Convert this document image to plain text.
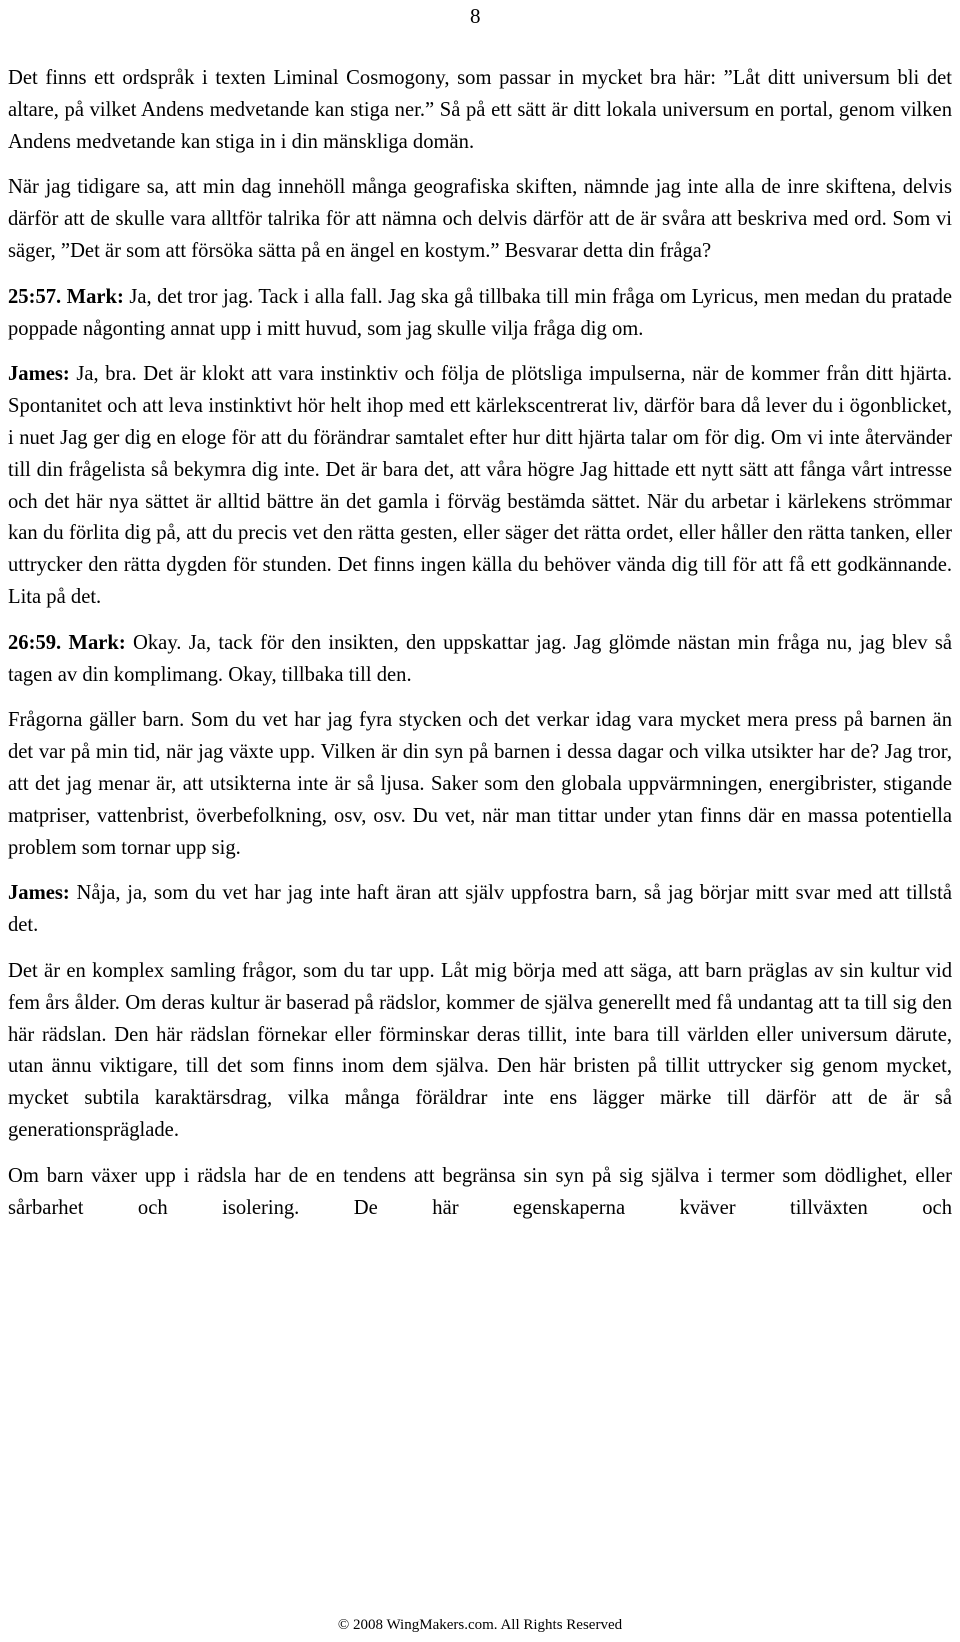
8

Det finns ett ordspråk i texten Liminal Cosmogony, som passar in mycket bra här: ”Låt ditt universum bli det altare, på vilket Andens medvetande kan stiga ner.” Så på ett sätt är ditt lokala universum en portal, genom vilken Andens medvetande kan stiga in i din mänskliga domän.

När jag tidigare sa, att min dag innehöll många geografiska skiften, nämnde jag inte alla de inre skiftena, delvis därför att de skulle vara alltför talrika för att nämna och delvis därför att de är svåra att beskriva med ord. Som vi säger, ”Det är som att försöka sätta på en ängel en kostym.” Besvarar detta din fråga?

25:57. Mark: Ja, det tror jag. Tack i alla fall. Jag ska gå tillbaka till min fråga om Lyricus, men medan du pratade poppade någonting annat upp i mitt huvud, som jag skulle vilja fråga dig om.

James: Ja, bra. Det är klokt att vara instinktiv och följa de plötsliga impulserna, när de kommer från ditt hjärta. Spontanitet och att leva instinktivt hör helt ihop med ett kärlekscentrerat liv, därför bara då lever du i ögonblicket, i nuet Jag ger dig en eloge för att du förändrar samtalet efter hur ditt hjärta talar om för dig. Om vi inte återvänder till din frågelista så bekymra dig inte. Det är bara det, att våra högre Jag hittade ett nytt sätt att fånga vårt intresse och det här nya sättet är alltid bättre än det gamla i förväg bestämda sättet. När du arbetar i kärlekens strömmar kan du förlita dig på, att du precis vet den rätta gesten, eller säger det rätta ordet, eller håller den rätta tanken, eller uttrycker den rätta dygden för stunden. Det finns ingen källa du behöver vända dig till för att få ett godkännande. Lita på det.

26:59. Mark: Okay. Ja, tack för den insikten, den uppskattar jag. Jag glömde nästan min fråga nu, jag blev så tagen av din komplimang. Okay, tillbaka till den.

Frågorna gäller barn. Som du vet har jag fyra stycken och det verkar idag vara mycket mera press på barnen än det var på min tid, när jag växte upp. Vilken är din syn på barnen i dessa dagar och vilka utsikter har de? Jag tror, att det jag menar är, att utsikterna inte är så ljusa. Saker som den globala uppvärmningen, energibrister, stigande matpriser, vattenbrist, överbefolkning, osv, osv. Du vet, när man tittar under ytan finns där en massa potentiella problem som tornar upp sig.

James: Nåja, ja, som du vet har jag inte haft äran att själv uppfostra barn, så jag börjar mitt svar med att tillstå det.

Det är en komplex samling frågor, som du tar upp. Låt mig börja med att säga, att barn präglas av sin kultur vid fem års ålder. Om deras kultur är baserad på rädslor, kommer de själva generellt med få undantag att ta till sig den här rädslan. Den här rädslan förnekar eller förminskar deras tillit, inte bara till världen eller universum därute, utan ännu viktigare, till det som finns inom dem själva. Den här bristen på tillit uttrycker sig genom mycket, mycket subtila karaktärsdrag, vilka många föräldrar inte ens lägger märke till därför att de är så generationspräglade.

Om barn växer upp i rädsla har de en tendens att begränsa sin syn på sig själva i termer som dödlighet, eller sårbarhet och isolering. De här egenskaperna kväver tillväxten och

© 2008 WingMakers.com. All Rights Reserved
